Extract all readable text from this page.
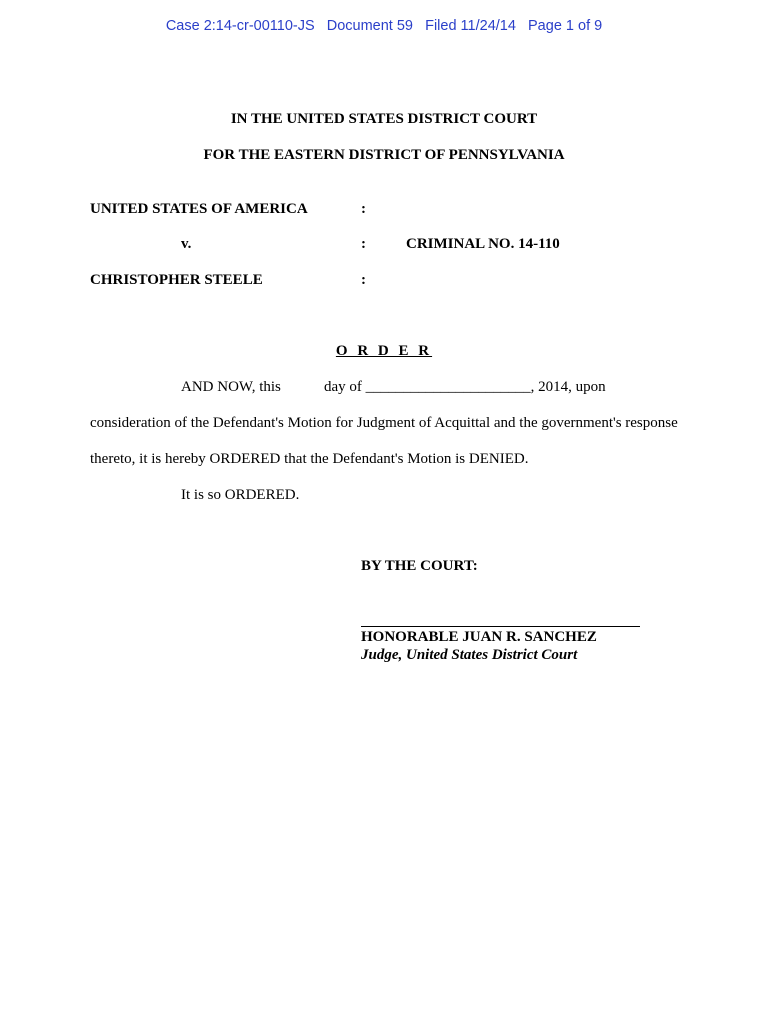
Case 2:14-cr-00110-JS Document 59 Filed 11/24/14 Page 1 of 9
IN THE UNITED STATES DISTRICT COURT
FOR THE EASTERN DISTRICT OF PENNSYLVANIA
UNITED STATES OF AMERICA	:
v.	:	CRIMINAL NO. 14-110
CHRISTOPHER STEELE	:
O R D E R
AND NOW, this	day of ______________________, 2014, upon
consideration of the Defendant's Motion for Judgment of Acquittal and the government's response
thereto, it is hereby ORDERED that the Defendant's Motion is DENIED.
It is so ORDERED.
BY THE COURT:
HONORABLE JUAN R. SANCHEZ
Judge, United States District Court
